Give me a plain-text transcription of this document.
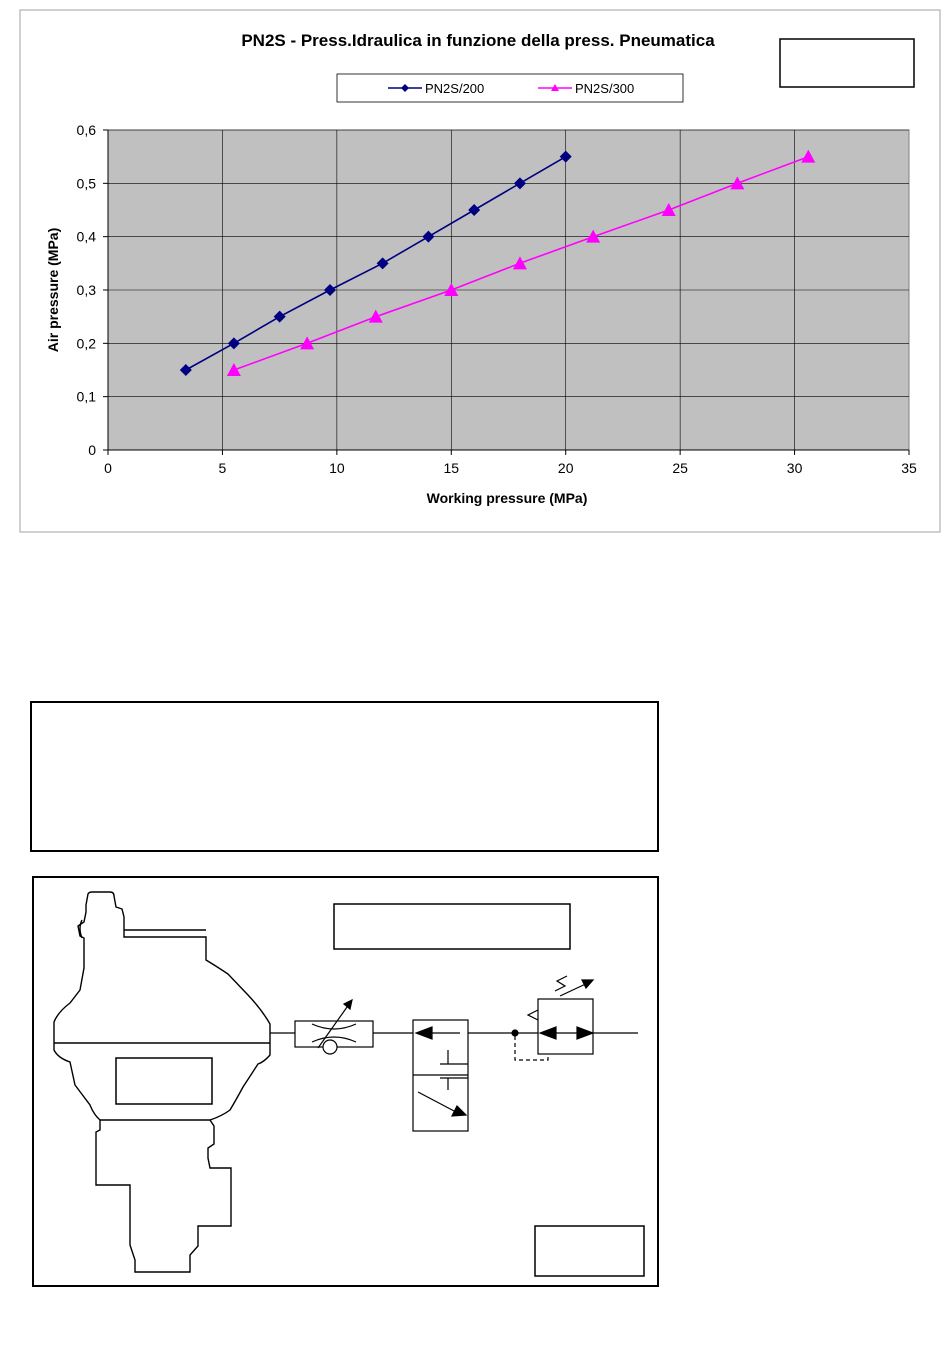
PN2S - Press.Idraulica in funzione della press. Pneumatica
PN2S/200	PN2S/300
0	5	10	15	20	25	30	35
0
0,1
0,2
0,3
0,4
0,5
0,6
Working pressure (MPa)
Air pressure (MPa)
